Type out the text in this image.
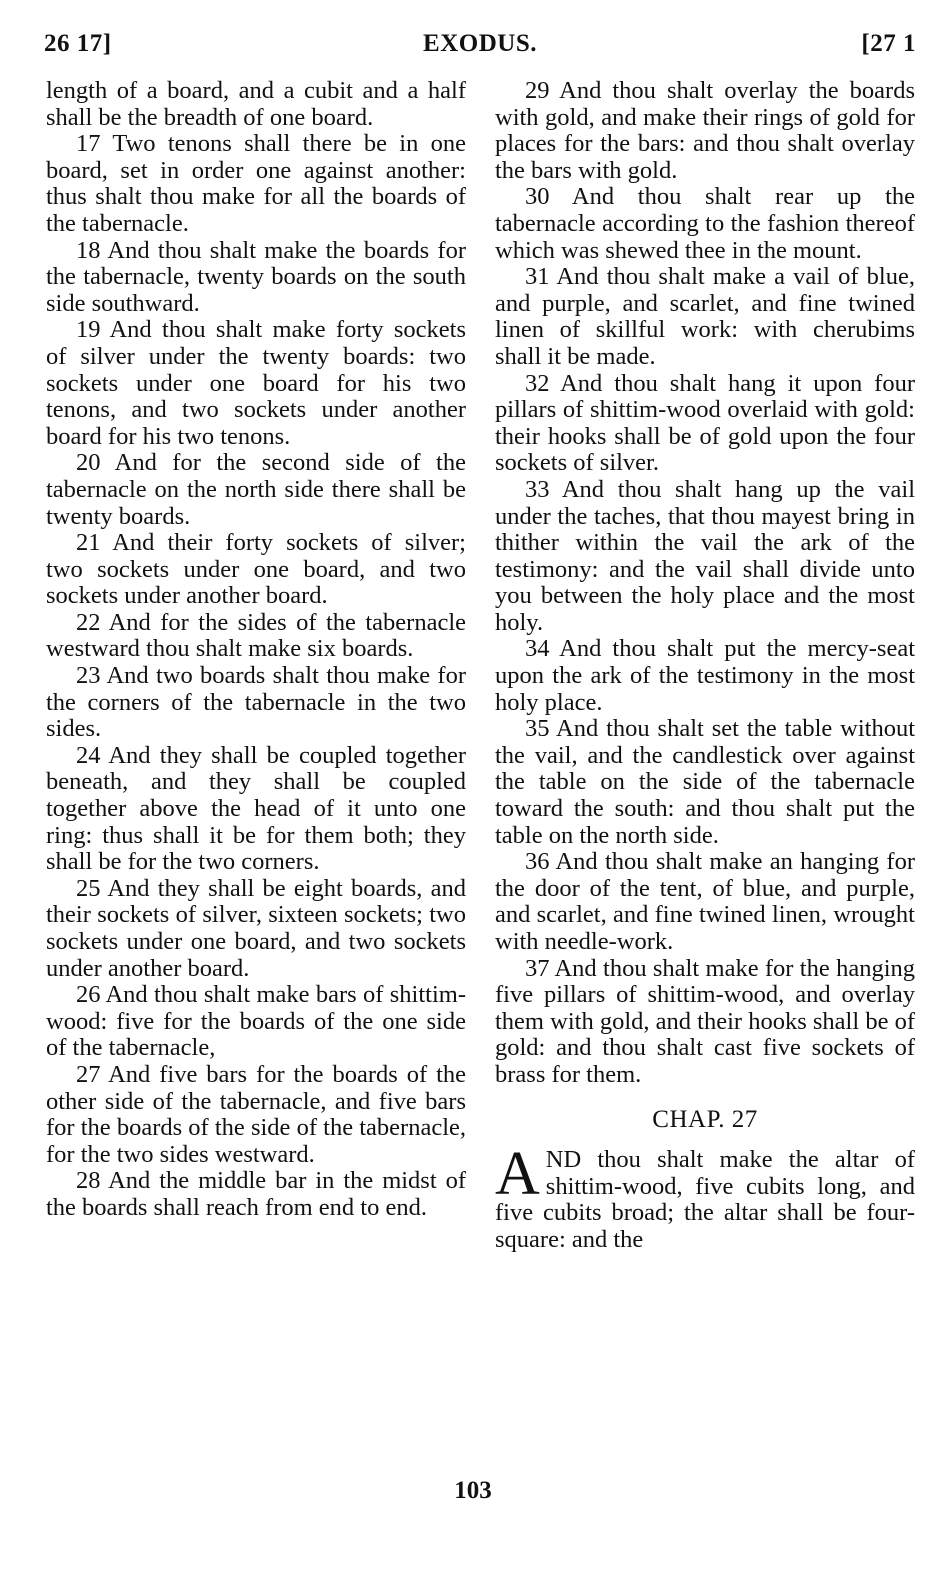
26 17]	EXODUS.	[27 1

length of a board, and a cubit and a half shall be the breadth of one board.

17 Two tenons shall there be in one board, set in order one against another: thus shalt thou make for all the boards of the tabernacle.

18 And thou shalt make the boards for the tabernacle, twenty boards on the south side southward.

19 And thou shalt make forty sockets of silver under the twenty boards: two sockets under one board for his two tenons, and two sockets under another board for his two tenons.

20 And for the second side of the tabernacle on the north side there shall be twenty boards.

21 And their forty sockets of silver; two sockets under one board, and two sockets under another board.

22 And for the sides of the tabernacle westward thou shalt make six boards.

23 And two boards shalt thou make for the corners of the tabernacle in the two sides.

24 And they shall be coupled together beneath, and they shall be coupled together above the head of it unto one ring: thus shall it be for them both; they shall be for the two corners.

25 And they shall be eight boards, and their sockets of silver, sixteen sockets; two sockets under one board, and two sockets under another board.

26 And thou shalt make bars of shittim-wood: five for the boards of the one side of the tabernacle,

27 And five bars for the boards of the other side of the tabernacle, and five bars for the boards of the side of the tabernacle, for the two sides westward.

28 And the middle bar in the midst of the boards shall reach from end to end.

29 And thou shalt overlay the boards with gold, and make their rings of gold for places for the bars: and thou shalt overlay the bars with gold.

30 And thou shalt rear up the tabernacle according to the fashion thereof which was shewed thee in the mount.

31 And thou shalt make a vail of blue, and purple, and scarlet, and fine twined linen of skillful work: with cherubims shall it be made.

32 And thou shalt hang it upon four pillars of shittim-wood overlaid with gold: their hooks shall be of gold upon the four sockets of silver.

33 And thou shalt hang up the vail under the taches, that thou mayest bring in thither within the vail the ark of the testimony: and the vail shall divide unto you between the holy place and the most holy.

34 And thou shalt put the mercy-seat upon the ark of the testimony in the most holy place.

35 And thou shalt set the table without the vail, and the candlestick over against the table on the side of the tabernacle toward the south: and thou shalt put the table on the north side.

36 And thou shalt make an hanging for the door of the tent, of blue, and purple, and scarlet, and fine twined linen, wrought with needle-work.

37 And thou shalt make for the hanging five pillars of shittim-wood, and overlay them with gold, and their hooks shall be of gold: and thou shalt cast five sockets of brass for them.

CHAP. 27

A ND thou shalt make the altar of shittim-wood, five cubits long, and five cubits broad; the altar shall be four-square: and the

103
